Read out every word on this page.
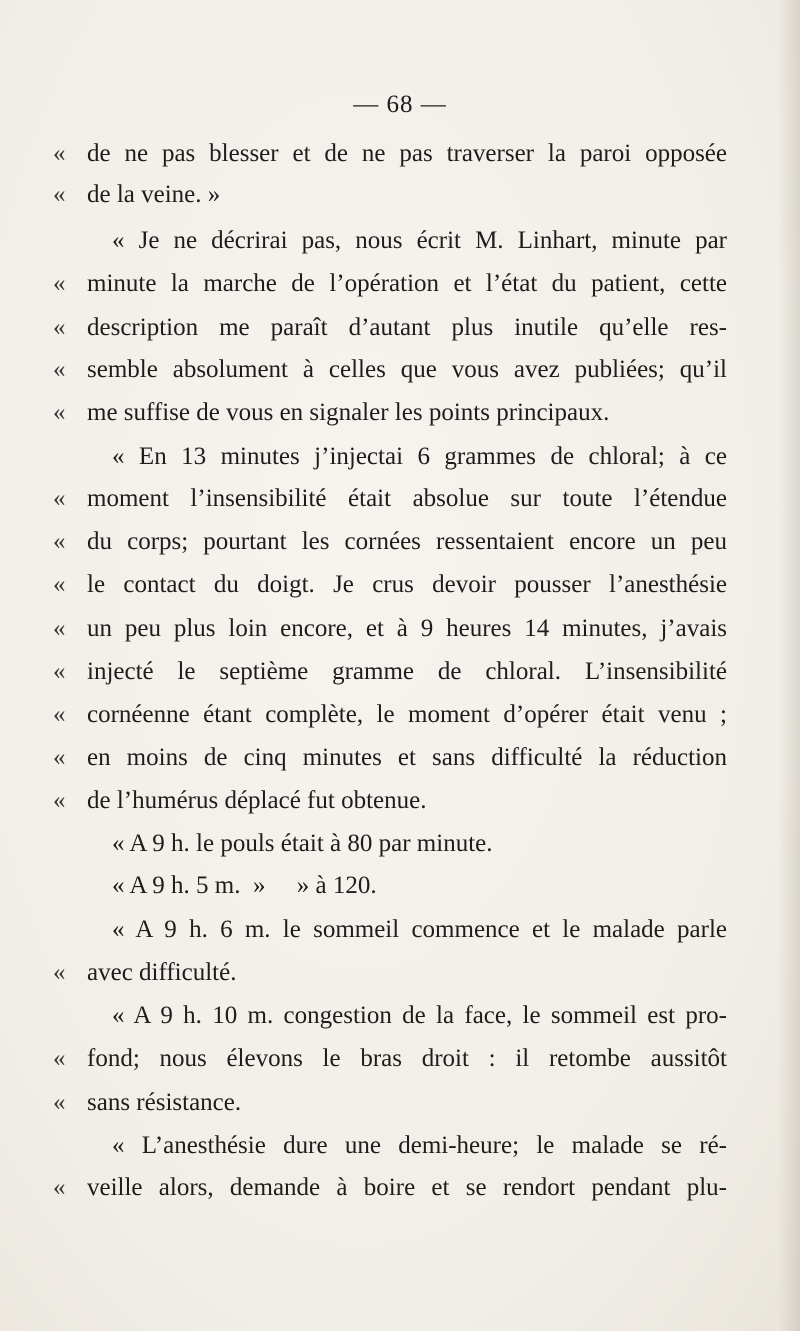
— 68 —
« de ne pas blesser et de ne pas traverser la paroi opposée
« de la veine. »
« Je ne décrirai pas, nous écrit M. Linhart, minute par
« minute la marche de l’opération et l’état du patient, cette
« description me paraît d’autant plus inutile qu’elle res-
« semble absolument à celles que vous avez publiées; qu’il
« me suffise de vous en signaler les points principaux.
« En 13 minutes j’injectai 6 grammes de chloral; à ce
« moment l’insensibilité était absolue sur toute l’étendue
« du corps; pourtant les cornées ressentaient encore un peu
« le contact du doigt. Je crus devoir pousser l’anesthésie
« un peu plus loin encore, et à 9 heures 14 minutes, j’avais
« injecté le septième gramme de chloral. L’insensibilité
« cornéenne étant complète, le moment d’opérer était venu ;
« en moins de cinq minutes et sans difficulté la réduction
« de l’humérus déplacé fut obtenue.
« A 9 h. le pouls était à 80 par minute.
« A 9 h. 5 m.  »     » à 120.
« A 9 h. 6 m. le sommeil commence et le malade parle
« avec difficulté.
« A 9 h. 10 m. congestion de la face, le sommeil est pro-
« fond; nous élevons le bras droit : il retombe aussitôt
« sans résistance.
« L’anesthésie dure une demi-heure; le malade se ré-
« veille alors, demande à boire et se rendort pendant plu-
